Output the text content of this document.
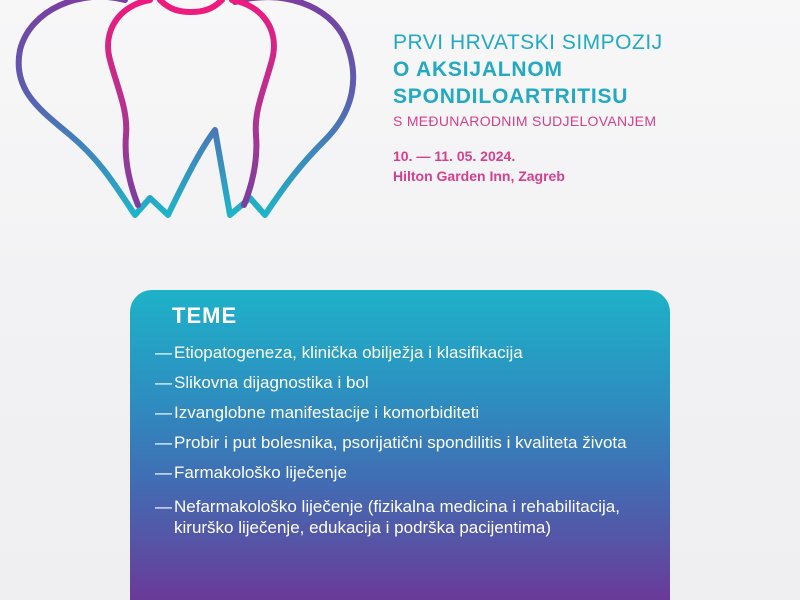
PRVI HRVATSKI SIMPOZIJ
O AKSIJALNOM
SPONDILOARTRITISU
S MEĐUNARODNIM SUDJELOVANJEM
10. — 11. 05. 2024.
Hilton Garden Inn, Zagreb
TEME
— Etiopatogeneza, klinička obilježja i klasifikacija
— Slikovna dijagnostika i bol
— Izvanglobne manifestacije i komorbiditeti
— Probir i put bolesnika, psorijatični spondilitis i kvaliteta života
— Farmakološko liječenje
— Nefarmakološko liječenje (fizikalna medicina i rehabilitacija, kirurško liječenje, edukacija i podrška pacijentima)
